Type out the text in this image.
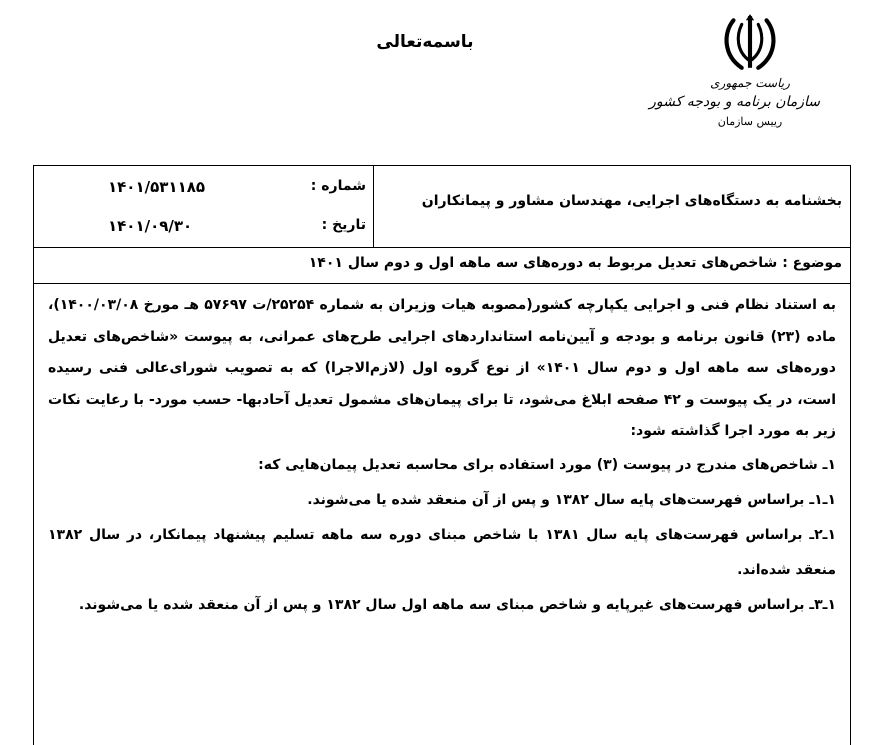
باسمه‌تعالی
ریاست جمهوری
سازمان برنامه و بودجه کشور
رییس سازمان
شماره :
۱۴۰۱/۵۳۱۱۸۵
تاریخ :
۱۴۰۱/۰۹/۳۰
بخشنامه به دستگاه‌های اجرایی، مهندسان مشاور و پیمانکاران
موضوع : شاخص‌های تعدیل مربوط به دوره‌های سه ماهه اول و دوم سال ۱۴۰۱

به استناد نظام فنی و اجرایی یکپارچه کشور(مصوبه هیات وزیران به شماره ۲۵۲۵۴/ت ۵۷۶۹۷ هـ مورخ ۱۴۰۰/۰۳/۰۸)، ماده (۲۳) قانون برنامه و بودجه و آیین‌نامه استانداردهای اجرایی طرح‌های عمرانی، به پیوست «شاخص‌های تعدیل دوره‌های سه ماهه اول و دوم سال ۱۴۰۱» از نوع گروه اول (لازم‌الاجرا) که به تصویب شورای‌عالی فنی رسیده است، در یک پیوست و ۴۲ صفحه ابلاغ می‌شود، تا برای پیمان‌های مشمول تعدیل آحادبها- حسب مورد- با رعایت نکات زیر به مورد اجرا گذاشته شود:

۱ـ شاخص‌های مندرج در پیوست (۳) مورد استفاده برای محاسبه تعدیل پیمان‌هایی که:

۱ـ۱ـ براساس فهرست‌های پایه سال ۱۳۸۲ و پس از آن منعقد شده یا می‌شوند.

۱ـ۲ـ براساس فهرست‌های پایه سال ۱۳۸۱ با شاخص مبنای دوره سه ماهه تسلیم پیشنهاد پیمانکار، در سال ۱۳۸۲ منعقد شده‌اند.

۱ـ۳ـ براساس فهرست‌های غیرپایه و شاخص مبنای سه ماهه اول سال ۱۳۸۲ و پس از آن منعقد شده یا می‌شوند.
